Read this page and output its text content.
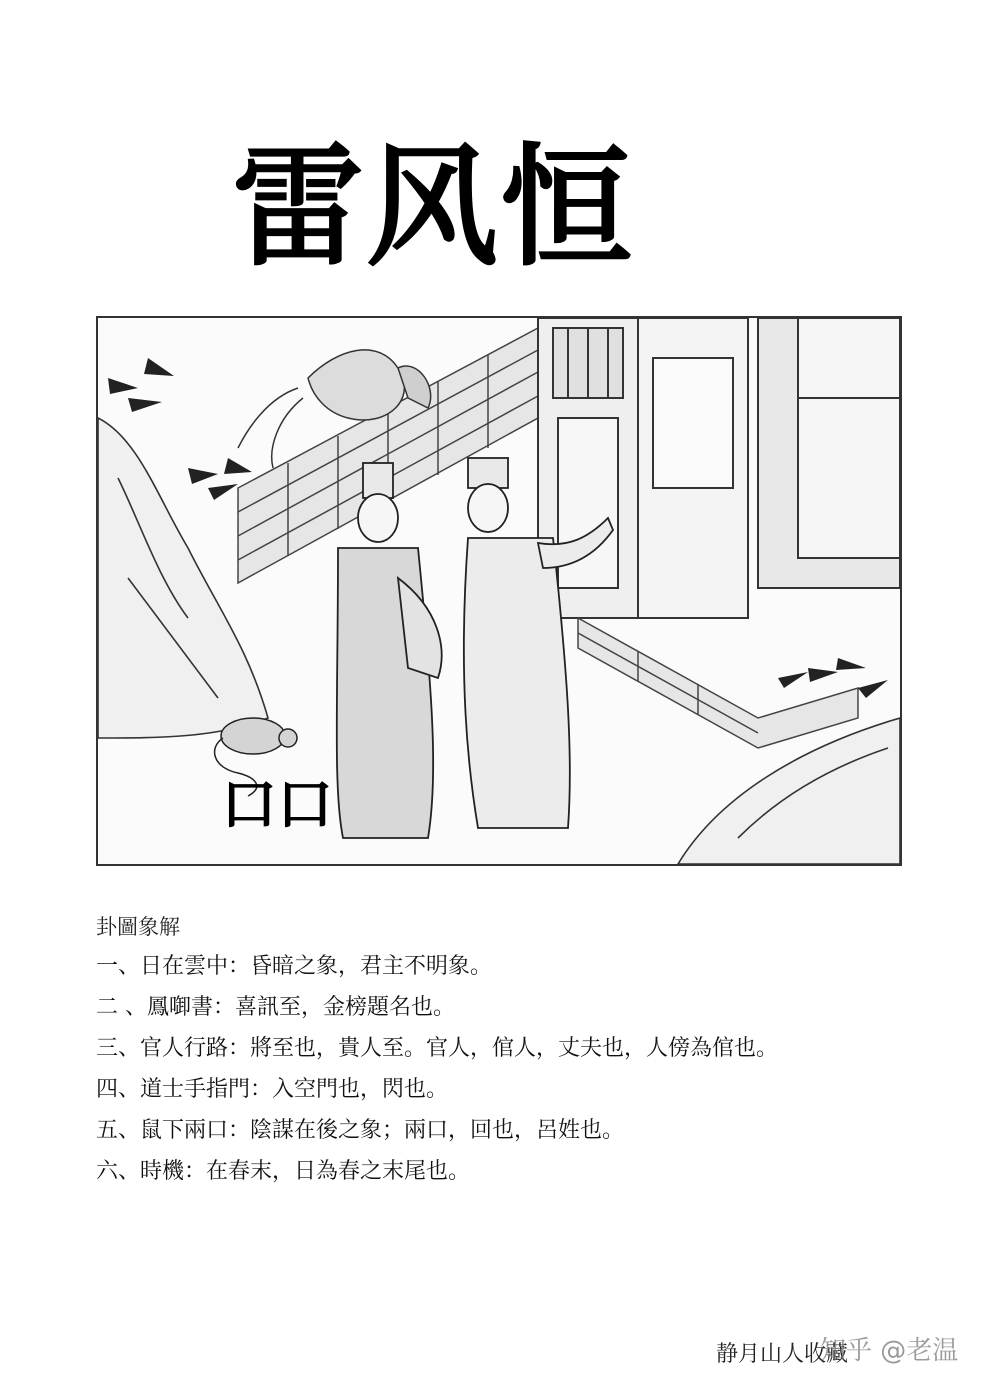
雷风恒
口口
卦圖象解
一、日在雲中：昏暗之象，君主不明象。
二 、鳳啣書：喜訊至，金榜題名也。
三、官人行路：將至也，貴人至。官人，倌人，丈夫也，人傍為倌也。
四、道士手指門：入空門也，閃也。
五、鼠下兩口：陰謀在後之象；兩口，回也，呂姓也。
六、時機：在春末，日為春之末尾也。
静月山人收藏
知乎 @老温
